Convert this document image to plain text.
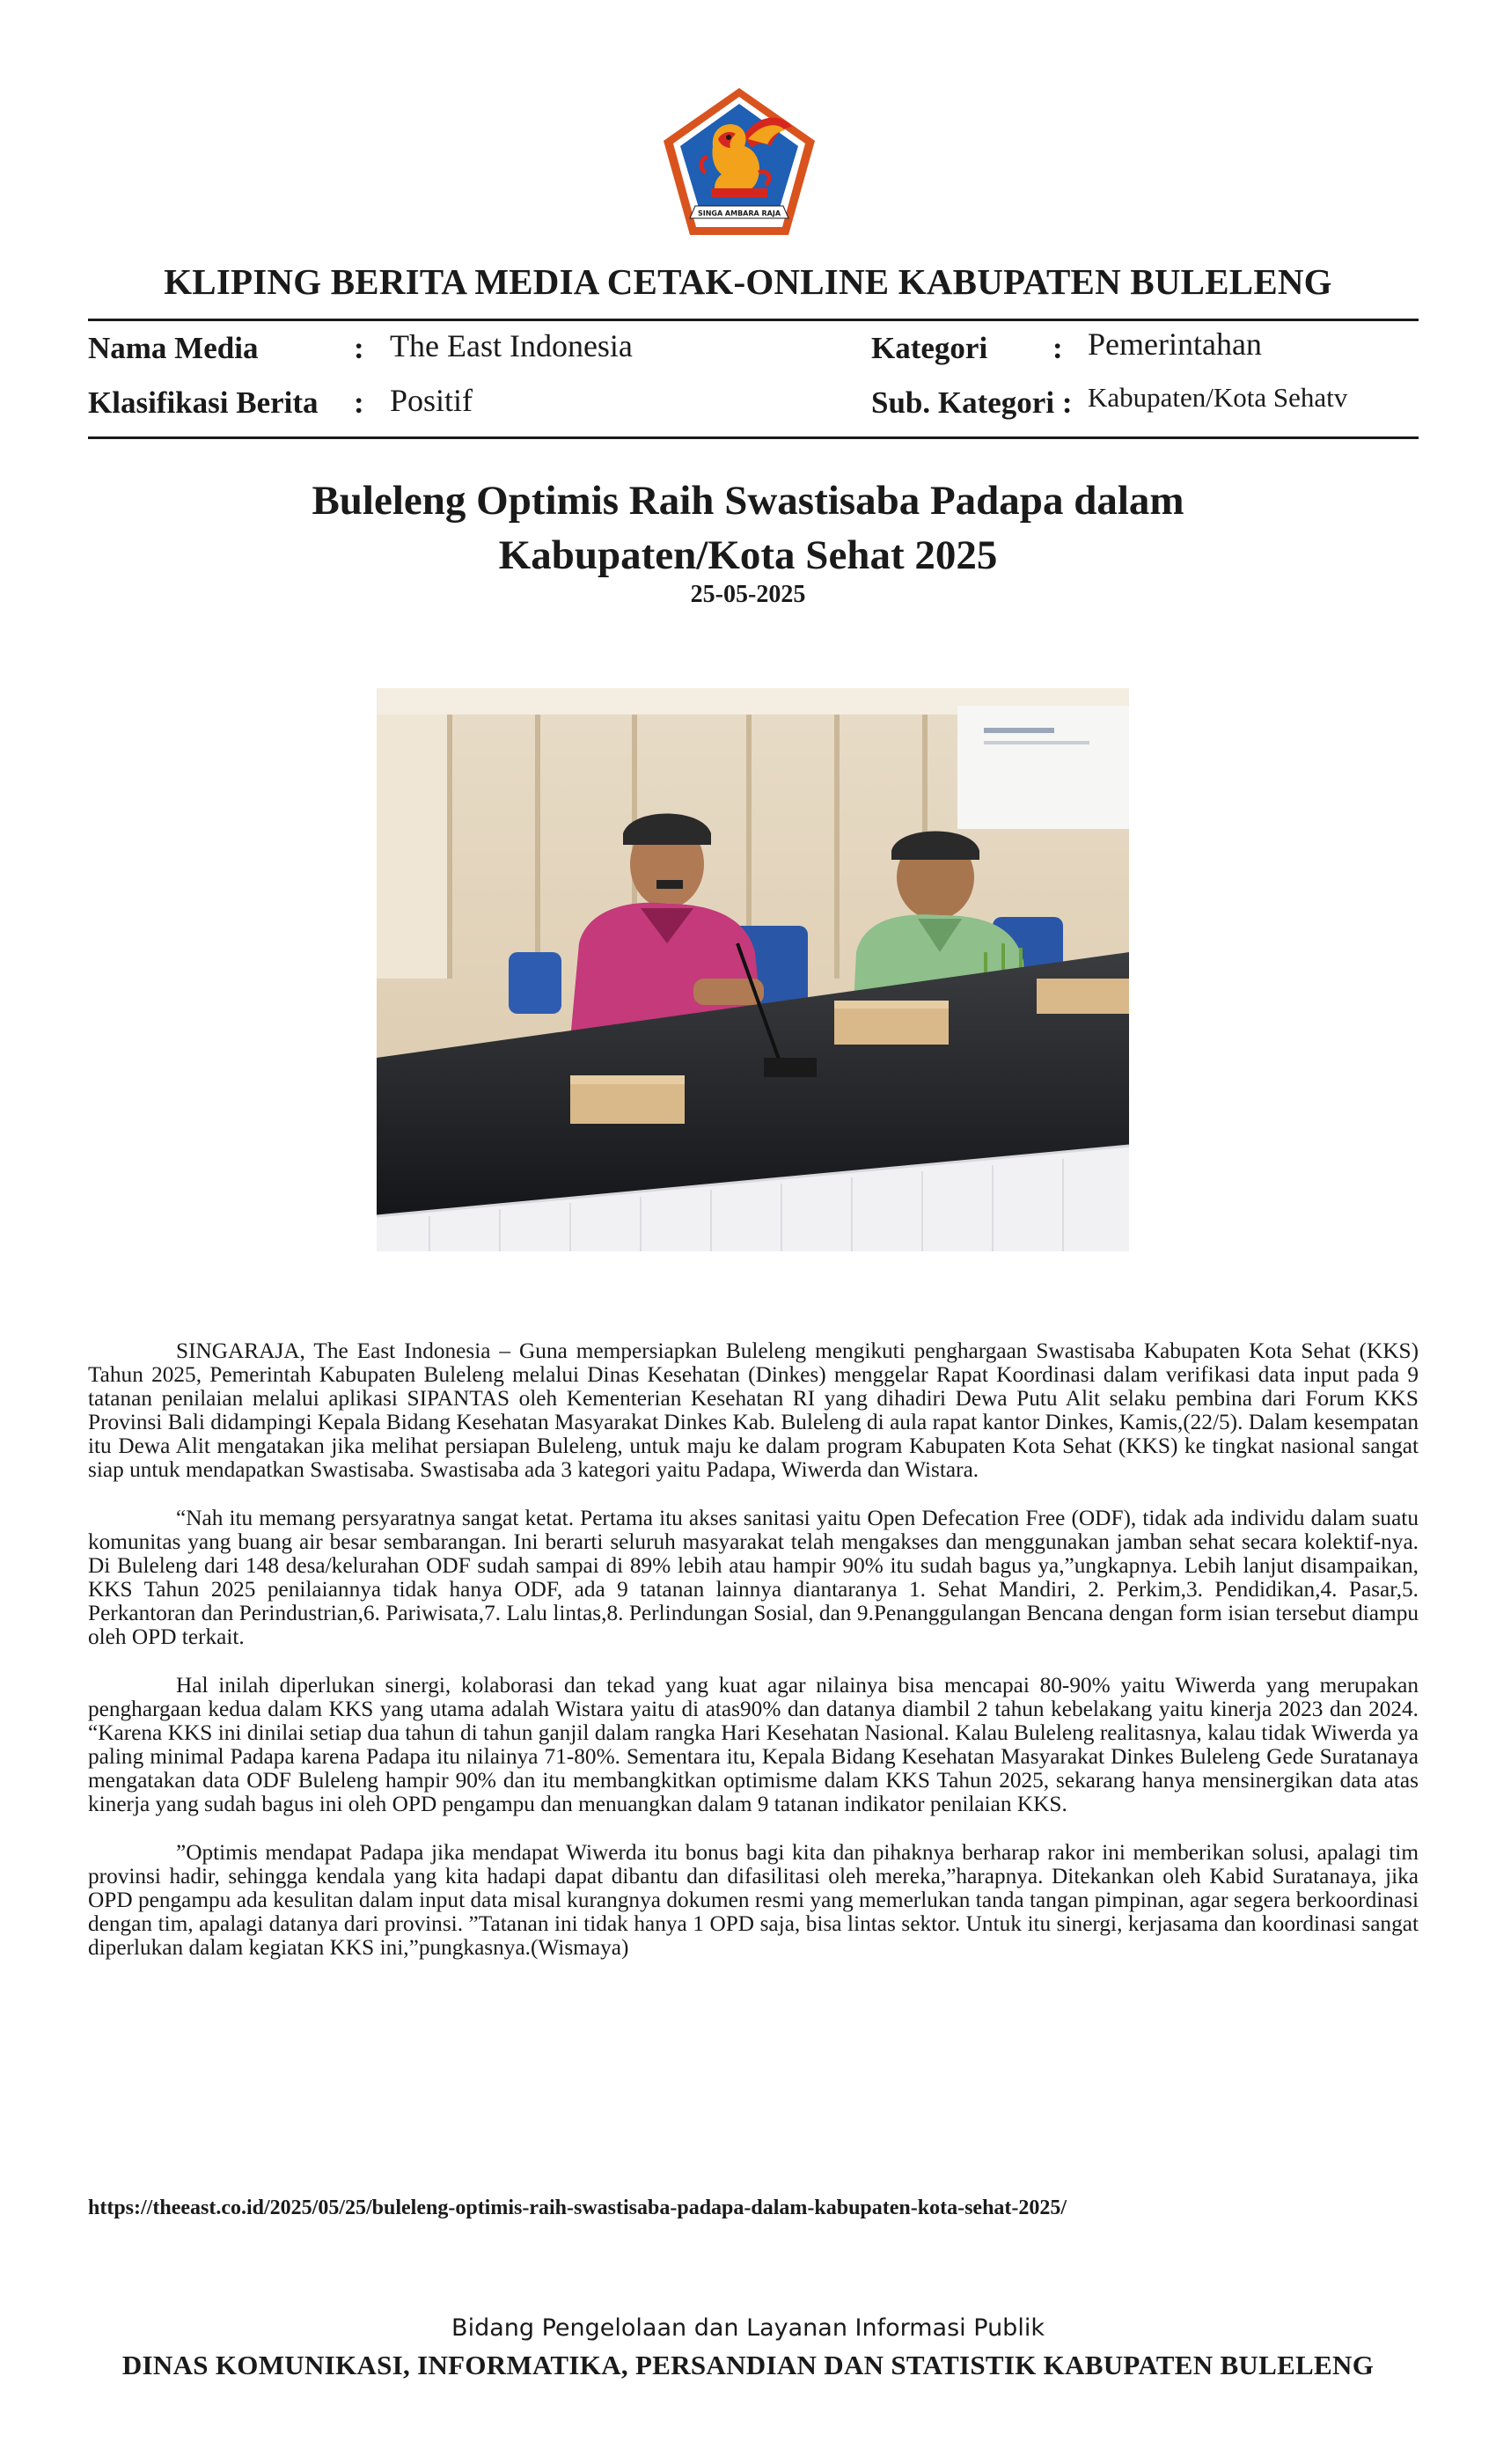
SINGA AMBARA RAJA
KLIPING BERITA MEDIA CETAK-ONLINE KABUPATEN BULELENG
Nama Media	: The East Indonesia	Kategori : Pemerintahan
Klasifikasi Berita : Positif	Sub. Kategori : Kabupaten/Kota Sehatv
Buleleng Optimis Raih Swastisaba Padapa dalam
Kabupaten/Kota Sehat 2025
25-05-2025

SINGARAJA, The East Indonesia – Guna mempersiapkan Buleleng mengikuti penghargaan Swastisaba Kabupaten Kota Sehat (KKS) Tahun 2025, Pemerintah Kabupaten Buleleng melalui Dinas Kesehatan (Dinkes) menggelar Rapat Koordinasi dalam verifikasi data input pada 9 tatanan penilaian melalui aplikasi SIPANTAS oleh Kementerian Kesehatan RI yang dihadiri Dewa Putu Alit selaku pembina dari Forum KKS Provinsi Bali didampingi Kepala Bidang Kesehatan Masyarakat Dinkes Kab. Buleleng di aula rapat kantor Dinkes, Kamis,(22/5). Dalam kesempatan itu Dewa Alit mengatakan jika melihat persiapan Buleleng, untuk maju ke dalam program Kabupaten Kota Sehat (KKS) ke tingkat nasional sangat siap untuk mendapatkan Swastisaba. Swastisaba ada 3 kategori yaitu Padapa, Wiwerda dan Wistara.

“Nah itu memang persyaratnya sangat ketat. Pertama itu akses sanitasi yaitu Open Defecation Free (ODF), tidak ada individu dalam suatu komunitas yang buang air besar sembarangan. Ini berarti seluruh masyarakat telah mengakses dan menggunakan jamban sehat secara kolektif-nya. Di Buleleng dari 148 desa/kelurahan ODF sudah sampai di 89% lebih atau hampir 90% itu sudah bagus ya,”ungkapnya. Lebih lanjut disampaikan, KKS Tahun 2025 penilaiannya tidak hanya ODF, ada 9 tatanan lainnya diantaranya 1. Sehat Mandiri, 2. Perkim,3. Pendidikan,4. Pasar,5. Perkantoran dan Perindustrian,6. Pariwisata,7. Lalu lintas,8. Perlindungan Sosial, dan 9.Penanggulangan Bencana dengan form isian tersebut diampu oleh OPD terkait.

Hal inilah diperlukan sinergi, kolaborasi dan tekad yang kuat agar nilainya bisa mencapai 80-90% yaitu Wiwerda yang merupakan penghargaan kedua dalam KKS yang utama adalah Wistara yaitu di atas90% dan datanya diambil 2 tahun kebelakang yaitu kinerja 2023 dan 2024. “Karena KKS ini dinilai setiap dua tahun di tahun ganjil dalam rangka Hari Kesehatan Nasional. Kalau Buleleng realitasnya, kalau tidak Wiwerda ya paling minimal Padapa karena Padapa itu nilainya 71-80%. Sementara itu, Kepala Bidang Kesehatan Masyarakat Dinkes Buleleng Gede Suratanaya mengatakan data ODF Buleleng hampir 90% dan itu membangkitkan optimisme dalam KKS Tahun 2025, sekarang hanya mensinergikan data atas kinerja yang sudah bagus ini oleh OPD pengampu dan menuangkan dalam 9 tatanan indikator penilaian KKS.

”Optimis mendapat Padapa jika mendapat Wiwerda itu bonus bagi kita dan pihaknya berharap rakor ini memberikan solusi, apalagi tim provinsi hadir, sehingga kendala yang kita hadapi dapat dibantu dan difasilitasi oleh mereka,”harapnya. Ditekankan oleh Kabid Suratanaya, jika OPD pengampu ada kesulitan dalam input data misal kurangnya dokumen resmi yang memerlukan tanda tangan pimpinan, agar segera berkoordinasi dengan tim, apalagi datanya dari provinsi. ”Tatanan ini tidak hanya 1 OPD saja, bisa lintas sektor. Untuk itu sinergi, kerjasama dan koordinasi sangat diperlukan dalam kegiatan KKS ini,”pungkasnya.(Wismaya)

https://theeast.co.id/2025/05/25/buleleng-optimis-raih-swastisaba-padapa-dalam-kabupaten-kota-sehat-2025/
Bidang Pengelolaan dan Layanan Informasi Publik
DINAS KOMUNIKASI, INFORMATIKA, PERSANDIAN DAN STATISTIK KABUPATEN BULELENG
